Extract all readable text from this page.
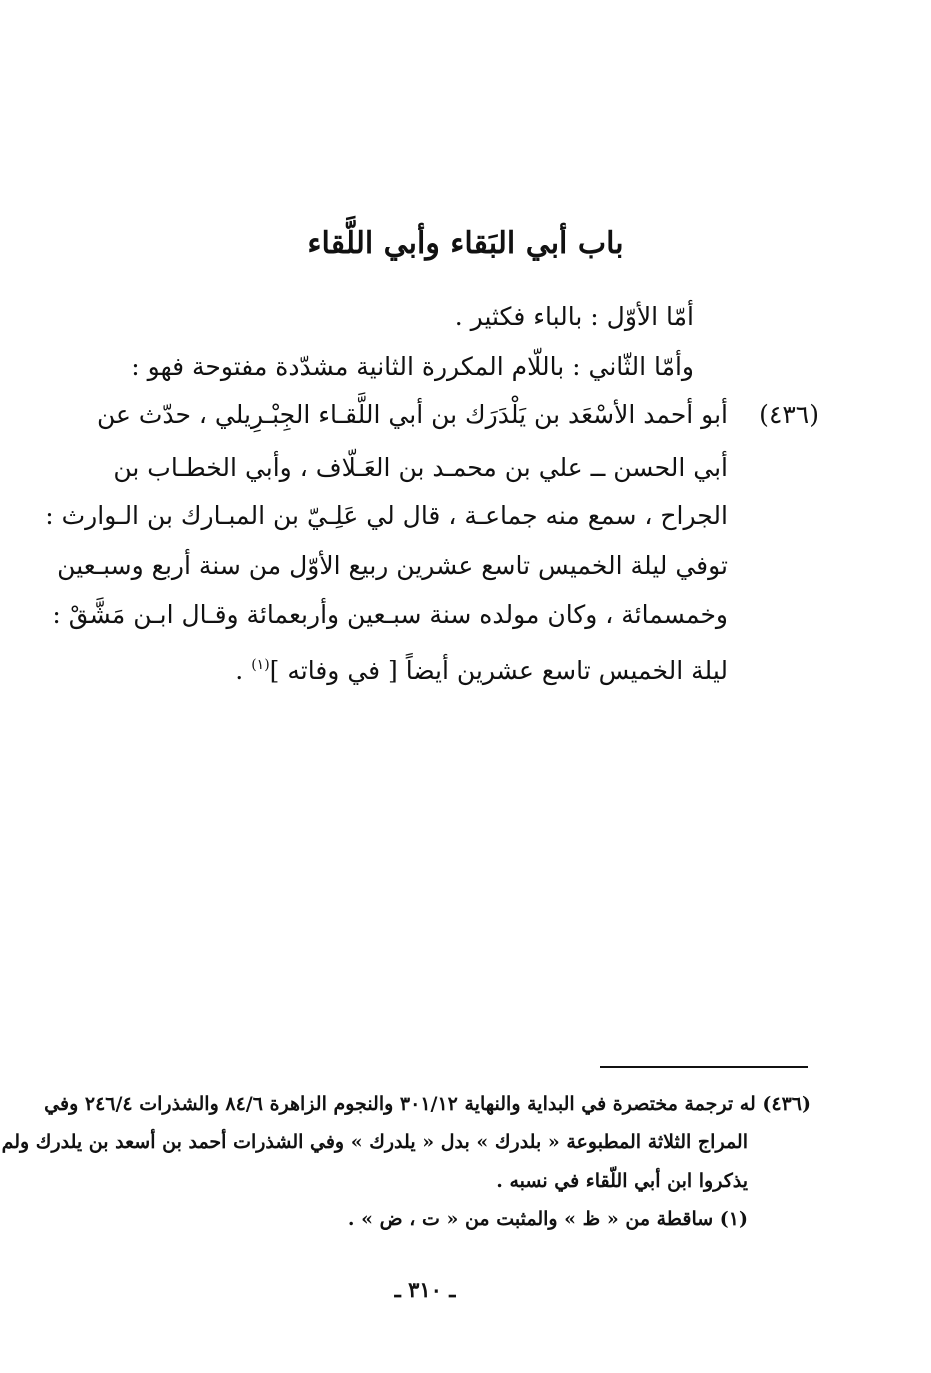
باب أبي البَقاء وأبي اللَّقاء
أمّا الأوّل : بالباء فكثير .
وأمّا الثّاني : باللّام المكررة الثانية مشدّدة مفتوحة فهو :
(٤٣٦)
أبو أحمد الأسْعَد بن يَلْدَرَك بن أبي اللَّقـاء الجِبْـرِيلي ، حدّث عن
أبي الحسن ــ علي بن محمـد بن العَـلّاف ، وأبي الخطـاب بن
الجراح ، سمع منه جماعـة ، قال لي عَلِـيّ بن المبـارك بن الـوارث :
توفي ليلة الخميس تاسع عشرين ربيع الأوّل من سنة أربع وسبـعين
وخمسمائة ، وكان مولده سنة سبـعين وأربعمائة وقـال ابـن مَشَّقْ :
ليلة الخميس تاسع عشرين أيضاً [ في وفاته ]$^{(١)}$ .
(٤٣٦) له ترجمة مختصرة في البداية والنهاية ٣٠١/١٢ والنجوم الزاهرة ٨٤/٦ والشذرات ٢٤٦/٤ وفي
المراج الثلاثة المطبوعة « بلدرك » بدل « يلدرك » وفي الشذرات أحمد بن أسعد بن يلدرك ولم
يذكروا ابن أبي اللّقاء في نسبه .
(١) ساقطة من « ظ » والمثبت من « ت ، ض » .
ـ ٣١٠ ـ
